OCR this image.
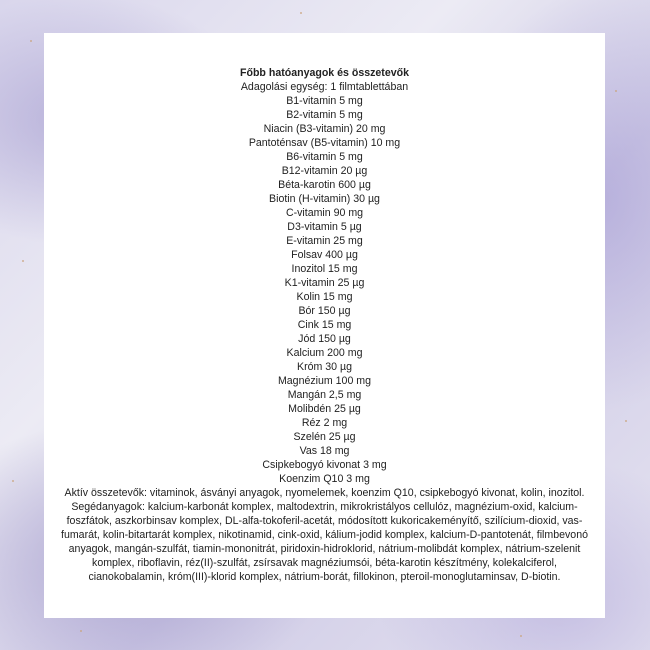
Főbb hatóanyagok és összetevők
Adagolási egység: 1 filmtablettában
B1-vitamin 5 mg
B2-vitamin 5 mg
Niacin (B3-vitamin) 20 mg
Pantoténsav (B5-vitamin) 10 mg
B6-vitamin 5 mg
B12-vitamin 20 µg
Béta-karotin 600 µg
Biotin (H-vitamin) 30 µg
C-vitamin 90 mg
D3-vitamin 5 µg
E-vitamin 25 mg
Folsav 400 µg
Inozitol 15 mg
K1-vitamin 25 µg
Kolin 15 mg
Bór 150 µg
Cink 15 mg
Jód 150 µg
Kalcium 200 mg
Króm 30 µg
Magnézium 100 mg
Mangán 2,5 mg
Molibdén 25 µg
Réz 2 mg
Szelén 25 µg
Vas 18 mg
Csipkebogyó kivonat 3 mg
Koenzim Q10 3 mg
Aktív összetevők: vitaminok, ásványi anyagok, nyomelemek, koenzim Q10, csipkebogyó kivonat, kolin, inozitol.
Segédanyagok: kalcium-karbonát komplex, maltodextrin, mikrokristályos cellulóz, magnézium-oxid, kalcium-foszfátok, aszkorbinsav komplex, DL-alfa-tokoferil-acetát, módosított kukoricakeményítő, szilícium-dioxid, vas-fumarát, kolin-bitartarát komplex, nikotinamid, cink-oxid, kálium-jodid komplex, kalcium-D-pantotenát, filmbevonó anyagok, mangán-szulfát, tiamin-mononitrát, piridoxin-hidroklorid, nátrium-molibdát komplex, nátrium-szelenit komplex, riboflavin, réz(II)-szulfát, zsírsavak magnéziumsói, béta-karotin készítmény, kolekalciferol, cianokobalamin, króm(III)-klorid komplex, nátrium-borát, fillokinon, pteroil-monoglutaminsav, D-biotin.
